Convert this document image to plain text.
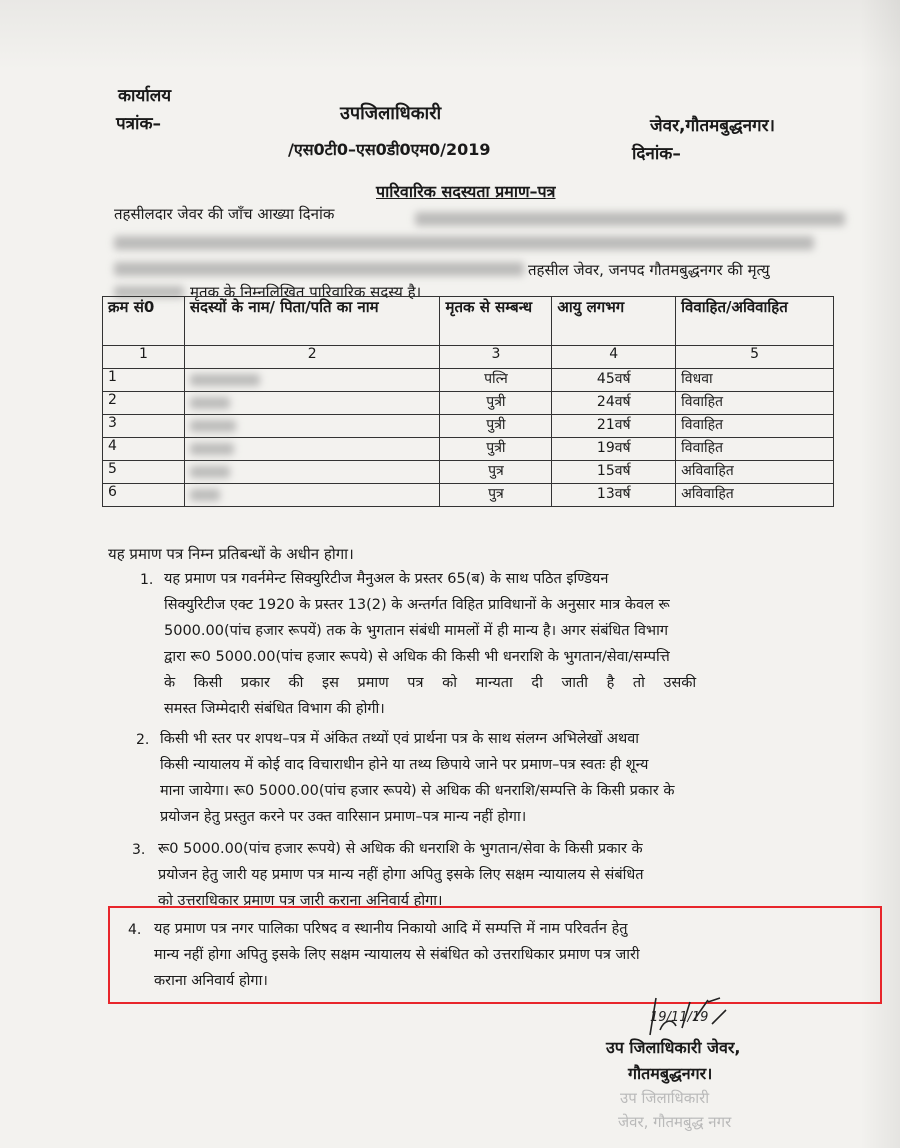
कार्यालय
पत्रांक–	उपजिलाधिकारी
/एस0टी0–एस0डी0एम0/2019
जेवर,गौतमबुद्धनगर।
दिनांक–
पारिवारिक सदस्यता प्रमाण–पत्र
तहसीलदार जेवर की जाँच आख्या दिनांक
तहसील जेवर, जनपद गौतमबुद्धनगर की मृत्यु
मृतक के निम्नलिखित पारिवारिक सदस्य है।
क्रम सं0	सदस्यों के नाम/ पिता/पति का नाम	मृतक से सम्बन्ध	आयु लगभग	विवाहित/अविवाहित
1	2	3	4	5
1		पत्नि	45वर्ष	विधवा
2		पुत्री	24वर्ष	विवाहित
3		पुत्री	21वर्ष	विवाहित
4		पुत्री	19वर्ष	विवाहित
5		पुत्र	15वर्ष	अविवाहित
6		पुत्र	13वर्ष	अविवाहित
यह प्रमाण पत्र निम्न प्रतिबन्धों के अधीन होगा।
1. यह प्रमाण पत्र गवर्नमेन्ट सिक्युरिटीज मैनुअल के प्रस्तर 65(ब) के साथ पठित इण्डियन
सिक्युरिटीज एक्ट 1920 के प्रस्तर 13(2) के अन्तर्गत विहित प्राविधानों के अनुसार मात्र केवल रू
5000.00(पांच हजार रूपयें) तक के भुगतान संबंधी मामलों में ही मान्य है। अगर संबंधित विभाग
द्वारा रू0 5000.00(पांच हजार रूपये) से अधिक की किसी भी धनराशि के भुगतान/सेवा/सम्पत्ति
के किसी प्रकार की इस प्रमाण पत्र को मान्यता दी जाती है तो उसकी
समस्त जिम्मेदारी संबंधित विभाग की होगी।
2. किसी भी स्तर पर शपथ–पत्र में अंकित तथ्यों एवं प्रार्थना पत्र के साथ संलग्न अभिलेखों अथवा
किसी न्यायालय में कोई वाद विचाराधीन होने या तथ्य छिपाये जाने पर प्रमाण–पत्र स्वतः ही शून्य
माना जायेगा। रू0 5000.00(पांच हजार रूपये) से अधिक की धनराशि/सम्पत्ति के किसी प्रकार के
प्रयोजन हेतु प्रस्तुत करने पर उक्त वारिसान प्रमाण–पत्र मान्य नहीं होगा।
3. रू0 5000.00(पांच हजार रूपये) से अधिक की धनराशि के भुगतान/सेवा के किसी प्रकार के
प्रयोजन हेतु जारी यह प्रमाण पत्र मान्य नहीं होगा अपितु इसके लिए सक्षम न्यायालय से संबंधित
को उत्तराधिकार प्रमाण पत्र जारी कराना अनिवार्य होगा।
4. यह प्रमाण पत्र नगर पालिका परिषद व स्थानीय निकायो आदि में सम्पत्ति में नाम परिवर्तन हेतु
मान्य नहीं होगा अपितु इसके लिए सक्षम न्यायालय से संबंधित को उत्तराधिकार प्रमाण पत्र जारी
कराना अनिवार्य होगा।
19/11/19
उप जिलाधिकारी जेवर,
गौतमबुद्धनगर।
उप जिलाधिकारी
जेवर, गौतमबुद्ध नगर
